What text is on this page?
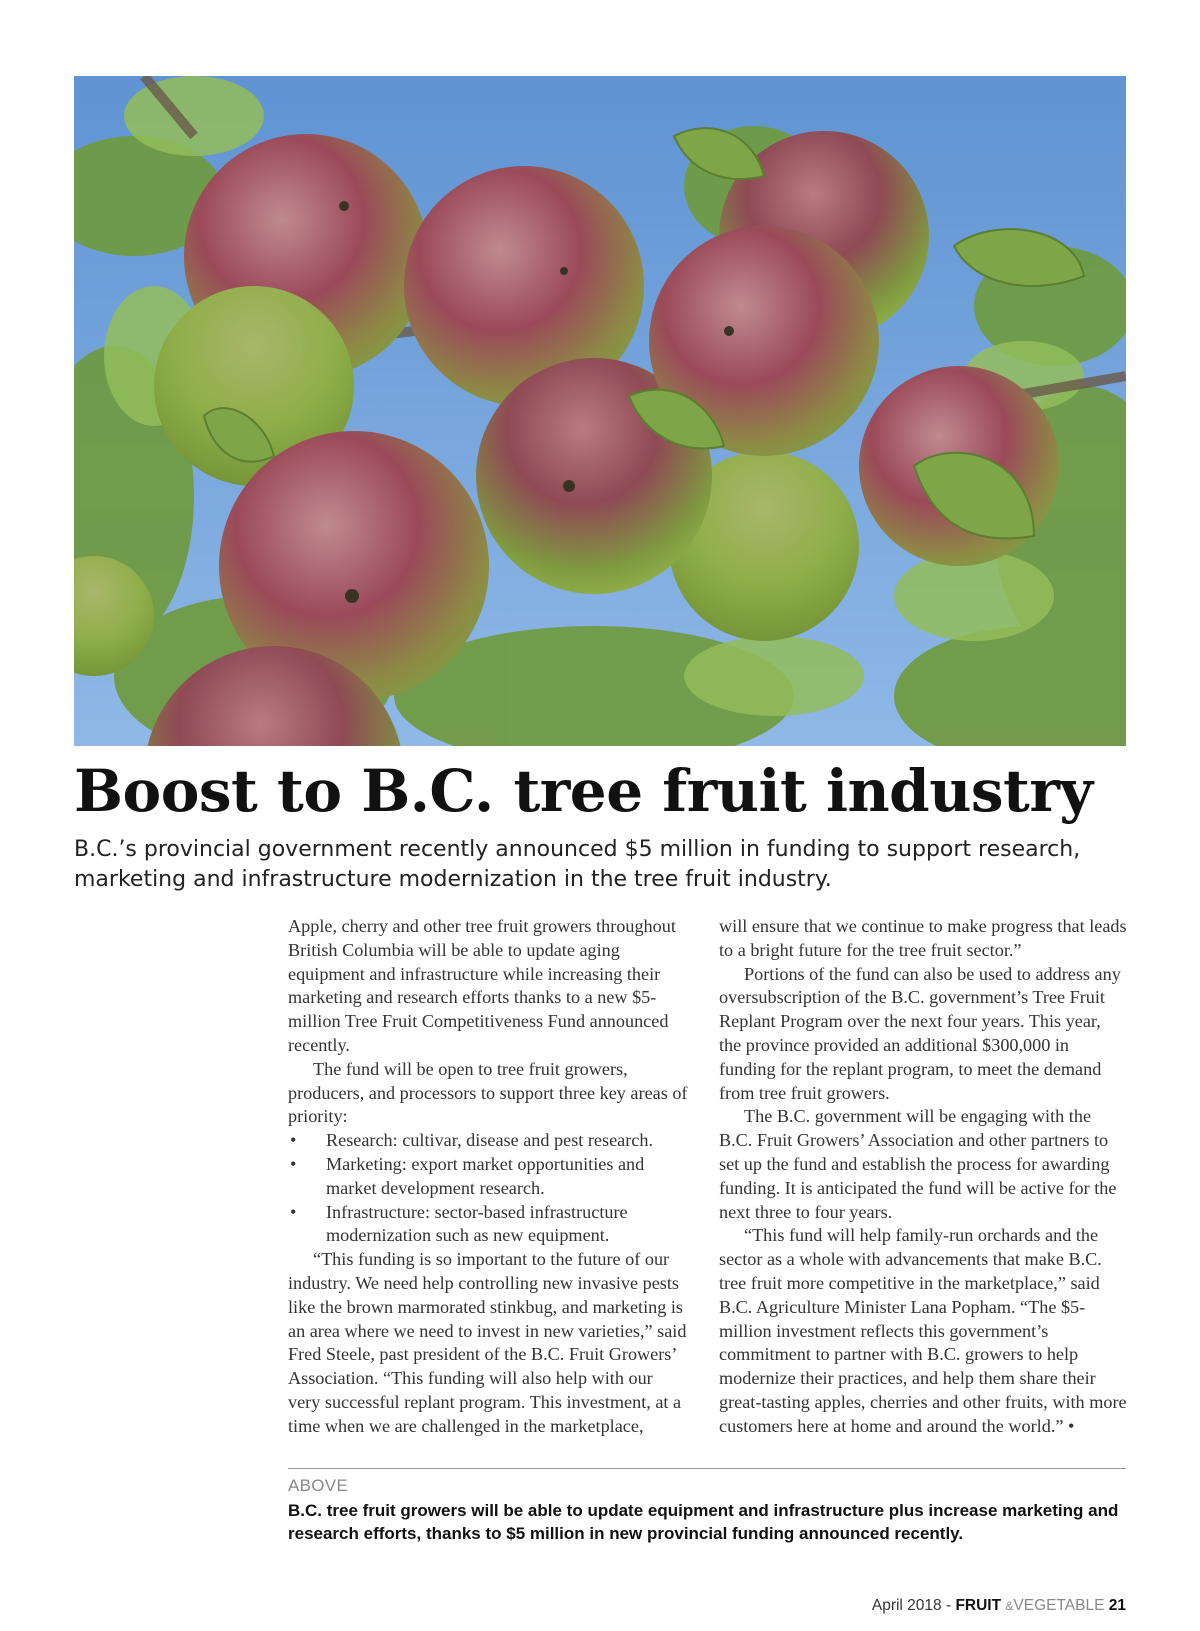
Boost to B.C. tree fruit industry

B.C.’s provincial government recently announced $5 million in funding to support research, marketing and infrastructure modernization in the tree fruit industry.

Apple, cherry and other tree fruit growers throughout British Columbia will be able to update aging equipment and infrastructure while increasing their marketing and research efforts thanks to a new $5-million Tree Fruit Competitiveness Fund announced recently.

The fund will be open to tree fruit growers, producers, and processors to support three key areas of priority:

• Research: cultivar, disease and pest research.
• Marketing: export market opportunities and market development research.
• Infrastructure: sector-based infrastructure modernization such as new equipment.

“This funding is so important to the future of our industry. We need help controlling new invasive pests like the brown marmorated stinkbug, and marketing is an area where we need to invest in new varieties,” said Fred Steele, past president of the B.C. Fruit Growers’ Association. “This funding will also help with our very successful replant program. This investment, at a time when we are challenged in the marketplace,

will ensure that we continue to make progress that leads to a bright future for the tree fruit sector.”

Portions of the fund can also be used to address any oversubscription of the B.C. government’s Tree Fruit Replant Program over the next four years. This year, the province provided an additional $300,000 in funding for the replant program, to meet the demand from tree fruit growers.

The B.C. government will be engaging with the B.C. Fruit Growers’ Association and other partners to set up the fund and establish the process for awarding funding. It is anticipated the fund will be active for the next three to four years.

“This fund will help family-run orchards and the sector as a whole with advancements that make B.C. tree fruit more competitive in the marketplace,” said B.C. Agriculture Minister Lana Popham. “The $5-million investment reflects this government’s commitment to partner with B.C. growers to help modernize their practices, and help them share their great-tasting apples, cherries and other fruits, with more customers here at home and around the world.” •

ABOVE
B.C. tree fruit growers will be able to update equipment and infrastructure plus increase marketing and research efforts, thanks to $5 million in new provincial funding announced recently.
April 2018 - FRUIT &VEGETABLE 21
